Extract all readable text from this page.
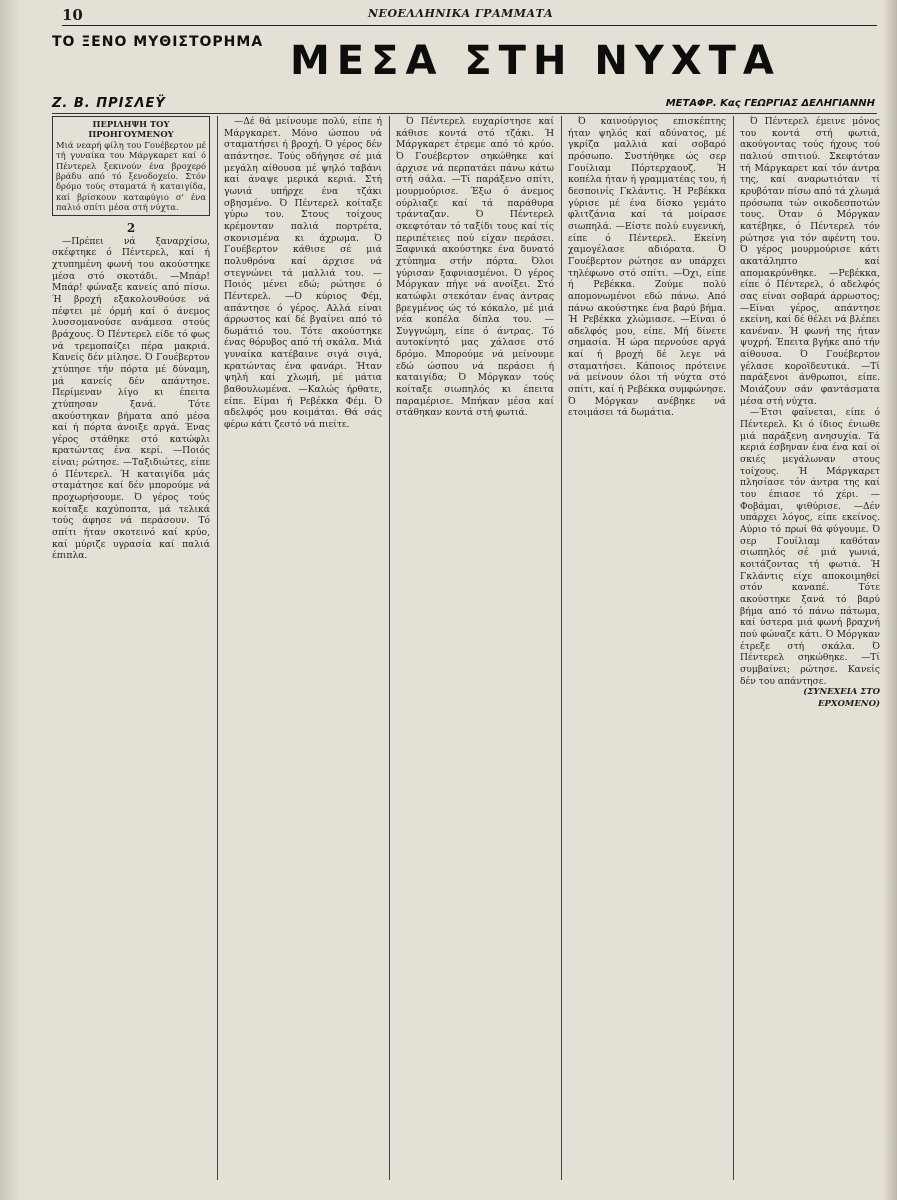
10	ΝΕΟΕΛΛΗΝΙΚΑ ΓΡΑΜΜΑΤΑ
ΤΟ ΞΕΝΟ ΜΥΘΙΣΤΟΡΗΜΑ ΜΕΣΑ ΣΤΗ ΝΥΧΤΑ
Ζ. Β. ΠΡΙΣΛΕΫ	ΜΕΤΑΦΡ. Κας ΓΕΩΡΓΙΑΣ ΔΕΛΗΓΙΑΝΝΗ
ΠΕΡΙΛΗΨΗ ΤΟΥ ΠΡΟΗΓΟΥΜΕΝΟΥ
Μιά νεαρή φίλη του Γουέβερτον μέ τή γυναίκα του Μάργκαρετ καί ό Πέντερελ ξεκινούν ένα βροχερό βράδυ από τό ξενοδοχείο. Στόν δρόμο τούς σταματά ή καταιγίδα, καί βρίσκουν καταφύγιο σ' ένα παλιό σπίτι μέσα στή νύχτα.

2

—Πρέπει νά ξαναρχίσω, σκέφτηκε ό Πέντερελ, καί ή χτυπημένη φωνή του ακούστηκε μέσα στό σκοτάδι. —Μπάρ! Μπάρ! φώναξε κανείς από πίσω. Ή βροχή εξακολουθούσε νά πέφτει μέ όρμή καί ό άνεμος λυσσομανούσε ανάμεσα στούς βράχους. Ό Πέντερελ είδε τό φως νά τρεμοπαίζει πέρα μακριά. Κανείς δέν μίλησε. Ό Γουέβερτον χτύπησε τήν πόρτα μέ δύναμη, μά κανείς δέν απάντησε. Περίμεναν λίγο κι έπειτα χτύπησαν ξανά. Τότε ακούστηκαν βήματα από μέσα καί ή πόρτα άνοιξε αργά. Ένας γέρος στάθηκε στό κατώφλι κρατώντας ένα κερί. —Ποιός είναι; ρώτησε. —Ταξιδιώτες, είπε ό Πέντερελ. Ή καταιγίδα μάς σταμάτησε καί δέν μπορούμε νά προχωρήσουμε. Ό γέρος τούς κοίταξε καχύποπτα, μά τελικά τούς άφησε νά περάσουν. Τό σπίτι ήταν σκοτεινό καί κρύο, καί μύριζε υγρασία καί παλιά έπιπλα.

—Δέ θά μείνουμε πολύ, είπε ή Μάργκαρετ. Μόνο ώσπου νά σταματήσει ή βροχή. Ό γέρος δέν απάντησε. Τούς οδήγησε σέ μιά μεγάλη αίθουσα μέ ψηλό ταβάνι καί άναψε μερικά κεριά. Στή γωνιά υπήρχε ένα τζάκι σβησμένο. Ό Πέντερελ κοίταξε γύρω του. Στους τοίχους κρέμονταν παλιά πορτρέτα, σκονισμένα κι άχρωμα. Ό Γουέβερτον κάθισε σέ μιά πολυθρόνα καί άρχισε νά στεγνώνει τά μαλλιά του. —Ποιός μένει εδώ; ρώτησε ό Πέντερελ. —Ό κύριος Φέμ, απάντησε ό γέρος. Αλλά είναι άρρωστος καί δέ βγαίνει από τό δωμάτιό του. Τότε ακούστηκε ένας θόρυβος από τή σκάλα. Μιά γυναίκα κατέβαινε σιγά σιγά, κρατώντας ένα φανάρι. Ήταν ψηλή καί χλωμή, μέ μάτια βαθουλωμένα. —Καλώς ήρθατε, είπε. Είμαι ή Ρεβέκκα Φέμ. Ό αδελφός μου κοιμάται. Θά σάς φέρω κάτι ζεστό νά πιείτε.

Ό Πέντερελ ευχαρίστησε καί κάθισε κοντά στό τζάκι. Ή Μάργκαρετ έτρεμε από τό κρύο. Ό Γουέβερτον σηκώθηκε καί άρχισε νά περπατάει πάνω κάτω στή σάλα. —Τί παράξενο σπίτι, μουρμούρισε. Έξω ό άνεμος ούρλιαζε καί τά παράθυρα τράνταζαν. Ό Πέντερελ σκεφτόταν τό ταξίδι τους καί τίς περιπέτειες πού είχαν περάσει. Ξαφνικά ακούστηκε ένα δυνατό χτύπημα στήν πόρτα. Όλοι γύρισαν ξαφνιασμένοι. Ό γέρος Μόργκαν πήγε νά ανοίξει. Στό κατώφλι στεκόταν ένας άντρας βρεγμένος ώς τό κόκαλο, μέ μιά νέα κοπέλα δίπλα του. —Συγγνώμη, είπε ό άντρας. Τό αυτοκίνητό μας χάλασε στό δρόμο. Μπορούμε νά μείνουμε εδώ ώσπου νά περάσει ή καταιγίδα; Ό Μόργκαν τούς κοίταξε σιωπηλός κι έπειτα παραμέρισε. Μπήκαν μέσα καί στάθηκαν κοντά στή φωτιά.

Ό καινούργιος επισκέπτης ήταν ψηλός καί αδύνατος, μέ γκρίζα μαλλιά καί σοβαρό πρόσωπο. Συστήθηκε ώς σερ Γουίλιαμ Πόρτερχαουζ. Ή κοπέλα ήταν ή γραμματέας του, ή δεσποινίς Γκλάντις. Ή Ρεβέκκα γύρισε μέ ένα δίσκο γεμάτο φλιτζάνια καί τά μοίρασε σιωπηλά. —Είστε πολύ ευγενική, είπε ό Πέντερελ. Εκείνη χαμογέλασε αδιόρατα. Ό Γουέβερτον ρώτησε αν υπάρχει τηλέφωνο στό σπίτι. —Όχι, είπε ή Ρεβέκκα. Ζούμε πολύ απομονωμένοι εδώ πάνω. Από πάνω ακούστηκε ένα βαρύ βήμα. Ή Ρεβέκκα χλώμιασε. —Είναι ό αδελφός μου, είπε. Μή δίνετε σημασία. Ή ώρα περνούσε αργά καί ή βροχή δέ λεγε νά σταματήσει. Κάποιος πρότεινε νά μείνουν όλοι τή νύχτα στό σπίτι, καί ή Ρεβέκκα συμφώνησε. Ό Μόργκαν ανέβηκε νά ετοιμάσει τά δωμάτια.

Ό Πέντερελ έμεινε μόνος του κοντά στή φωτιά, ακούγοντας τούς ήχους τού παλιού σπιτιού. Σκεφτόταν τή Μάργκαρετ καί τόν άντρα της, καί αναρωτιόταν τί κρυβόταν πίσω από τά χλωμά πρόσωπα τών οικοδεσποτών τους. Όταν ό Μόργκαν κατέβηκε, ό Πέντερελ τόν ρώτησε για τόν αφέντη του. Ό γέρος μουρμούρισε κάτι ακατάληπτο καί απομακρύνθηκε. —Ρεβέκκα, είπε ό Πέντερελ, ό αδελφός σας είναι σοβαρά άρρωστος; —Είναι γέρος, απάντησε εκείνη, καί δέ θέλει νά βλέπει κανέναν. Ή φωνή της ήταν ψυχρή. Έπειτα βγήκε από τήν αίθουσα. Ό Γουέβερτον γέλασε κοροϊδευτικά. —Τί παράξενοι άνθρωποι, είπε. Μοιάζουν σάν φαντάσματα μέσα στή νύχτα.

—Έτσι φαίνεται, είπε ό Πέντερελ. Κι ό ίδιος ένιωθε μιά παράξενη ανησυχία. Τά κεριά έσβηναν ένα ένα καί οί σκιές μεγάλωναν στους τοίχους. Ή Μάργκαρετ πλησίασε τόν άντρα της καί του έπιασε τό χέρι. —Φοβάμαι, ψιθύρισε. —Δέν υπάρχει λόγος, είπε εκείνος. Αύριο τό πρωί θά φύγουμε. Ό σερ Γουίλιαμ καθόταν σιωπηλός σέ μιά γωνιά, κοιτάζοντας τή φωτιά. Ή Γκλάντις είχε αποκοιμηθεί στόν καναπέ. Τότε ακούστηκε ξανά τό βαρύ βήμα από τό πάνω πάτωμα, καί ύστερα μιά φωνή βραχνή πού φώναζε κάτι. Ό Μόργκαν έτρεξε στή σκάλα. Ό Πέντερελ σηκώθηκε. —Τί συμβαίνει; ρώτησε. Κανείς δέν του απάντησε.

(ΣΥΝΕΧΕΙΑ ΣΤΟ ΕΡΧΟΜΕΝΟ)
